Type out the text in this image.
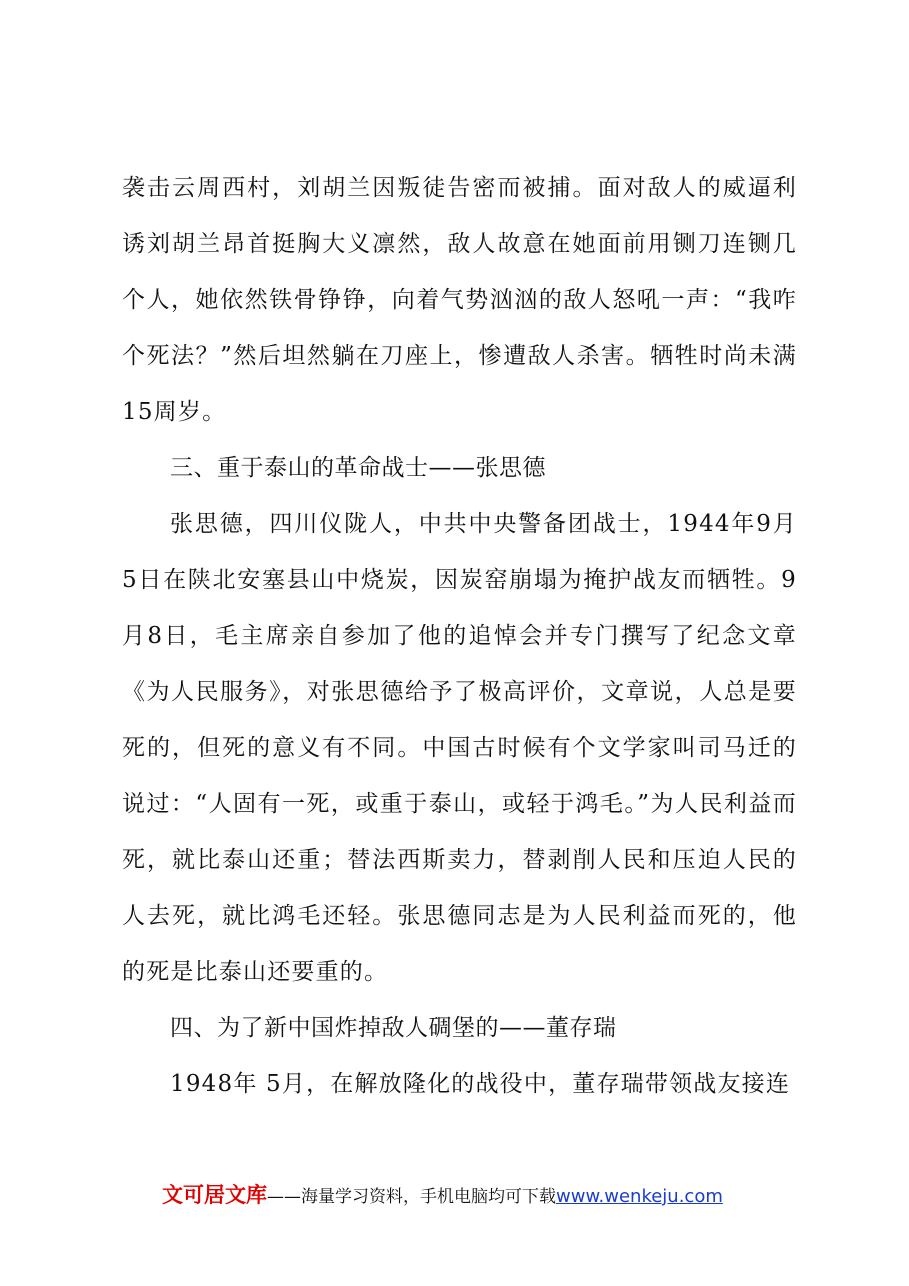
袭击云周西村，刘胡兰因叛徒告密而被捕。面对敌人的威逼利诱刘胡兰昂首挺胸大义凛然，敌人故意在她面前用铡刀连铡几个人，她依然铁骨铮铮，向着气势汹汹的敌人怒吼一声：“我咋个死法？”然后坦然躺在刀座上，惨遭敌人杀害。牺牲时尚未满15周岁。

三、重于泰山的革命战士——张思德

张思德，四川仪陇人，中共中央警备团战士，1944年9月5日在陕北安塞县山中烧炭，因炭窑崩塌为掩护战友而牺牲。9月8日，毛主席亲自参加了他的追悼会并专门撰写了纪念文章《为人民服务》，对张思德给予了极高评价，文章说，人总是要死的，但死的意义有不同。中国古时候有个文学家叫司马迁的说过：“人固有一死，或重于泰山，或轻于鸿毛。”为人民利益而死，就比泰山还重；替法西斯卖力，替剥削人民和压迫人民的人去死，就比鸿毛还轻。张思德同志是为人民利益而死的，他的死是比泰山还要重的。

四、为了新中国炸掉敌人碉堡的——董存瑞

1948年 5月，在解放隆化的战役中，董存瑞带领战友接连

文可居文库——海量学习资料，手机电脑均可下载www.wenkeju.com
